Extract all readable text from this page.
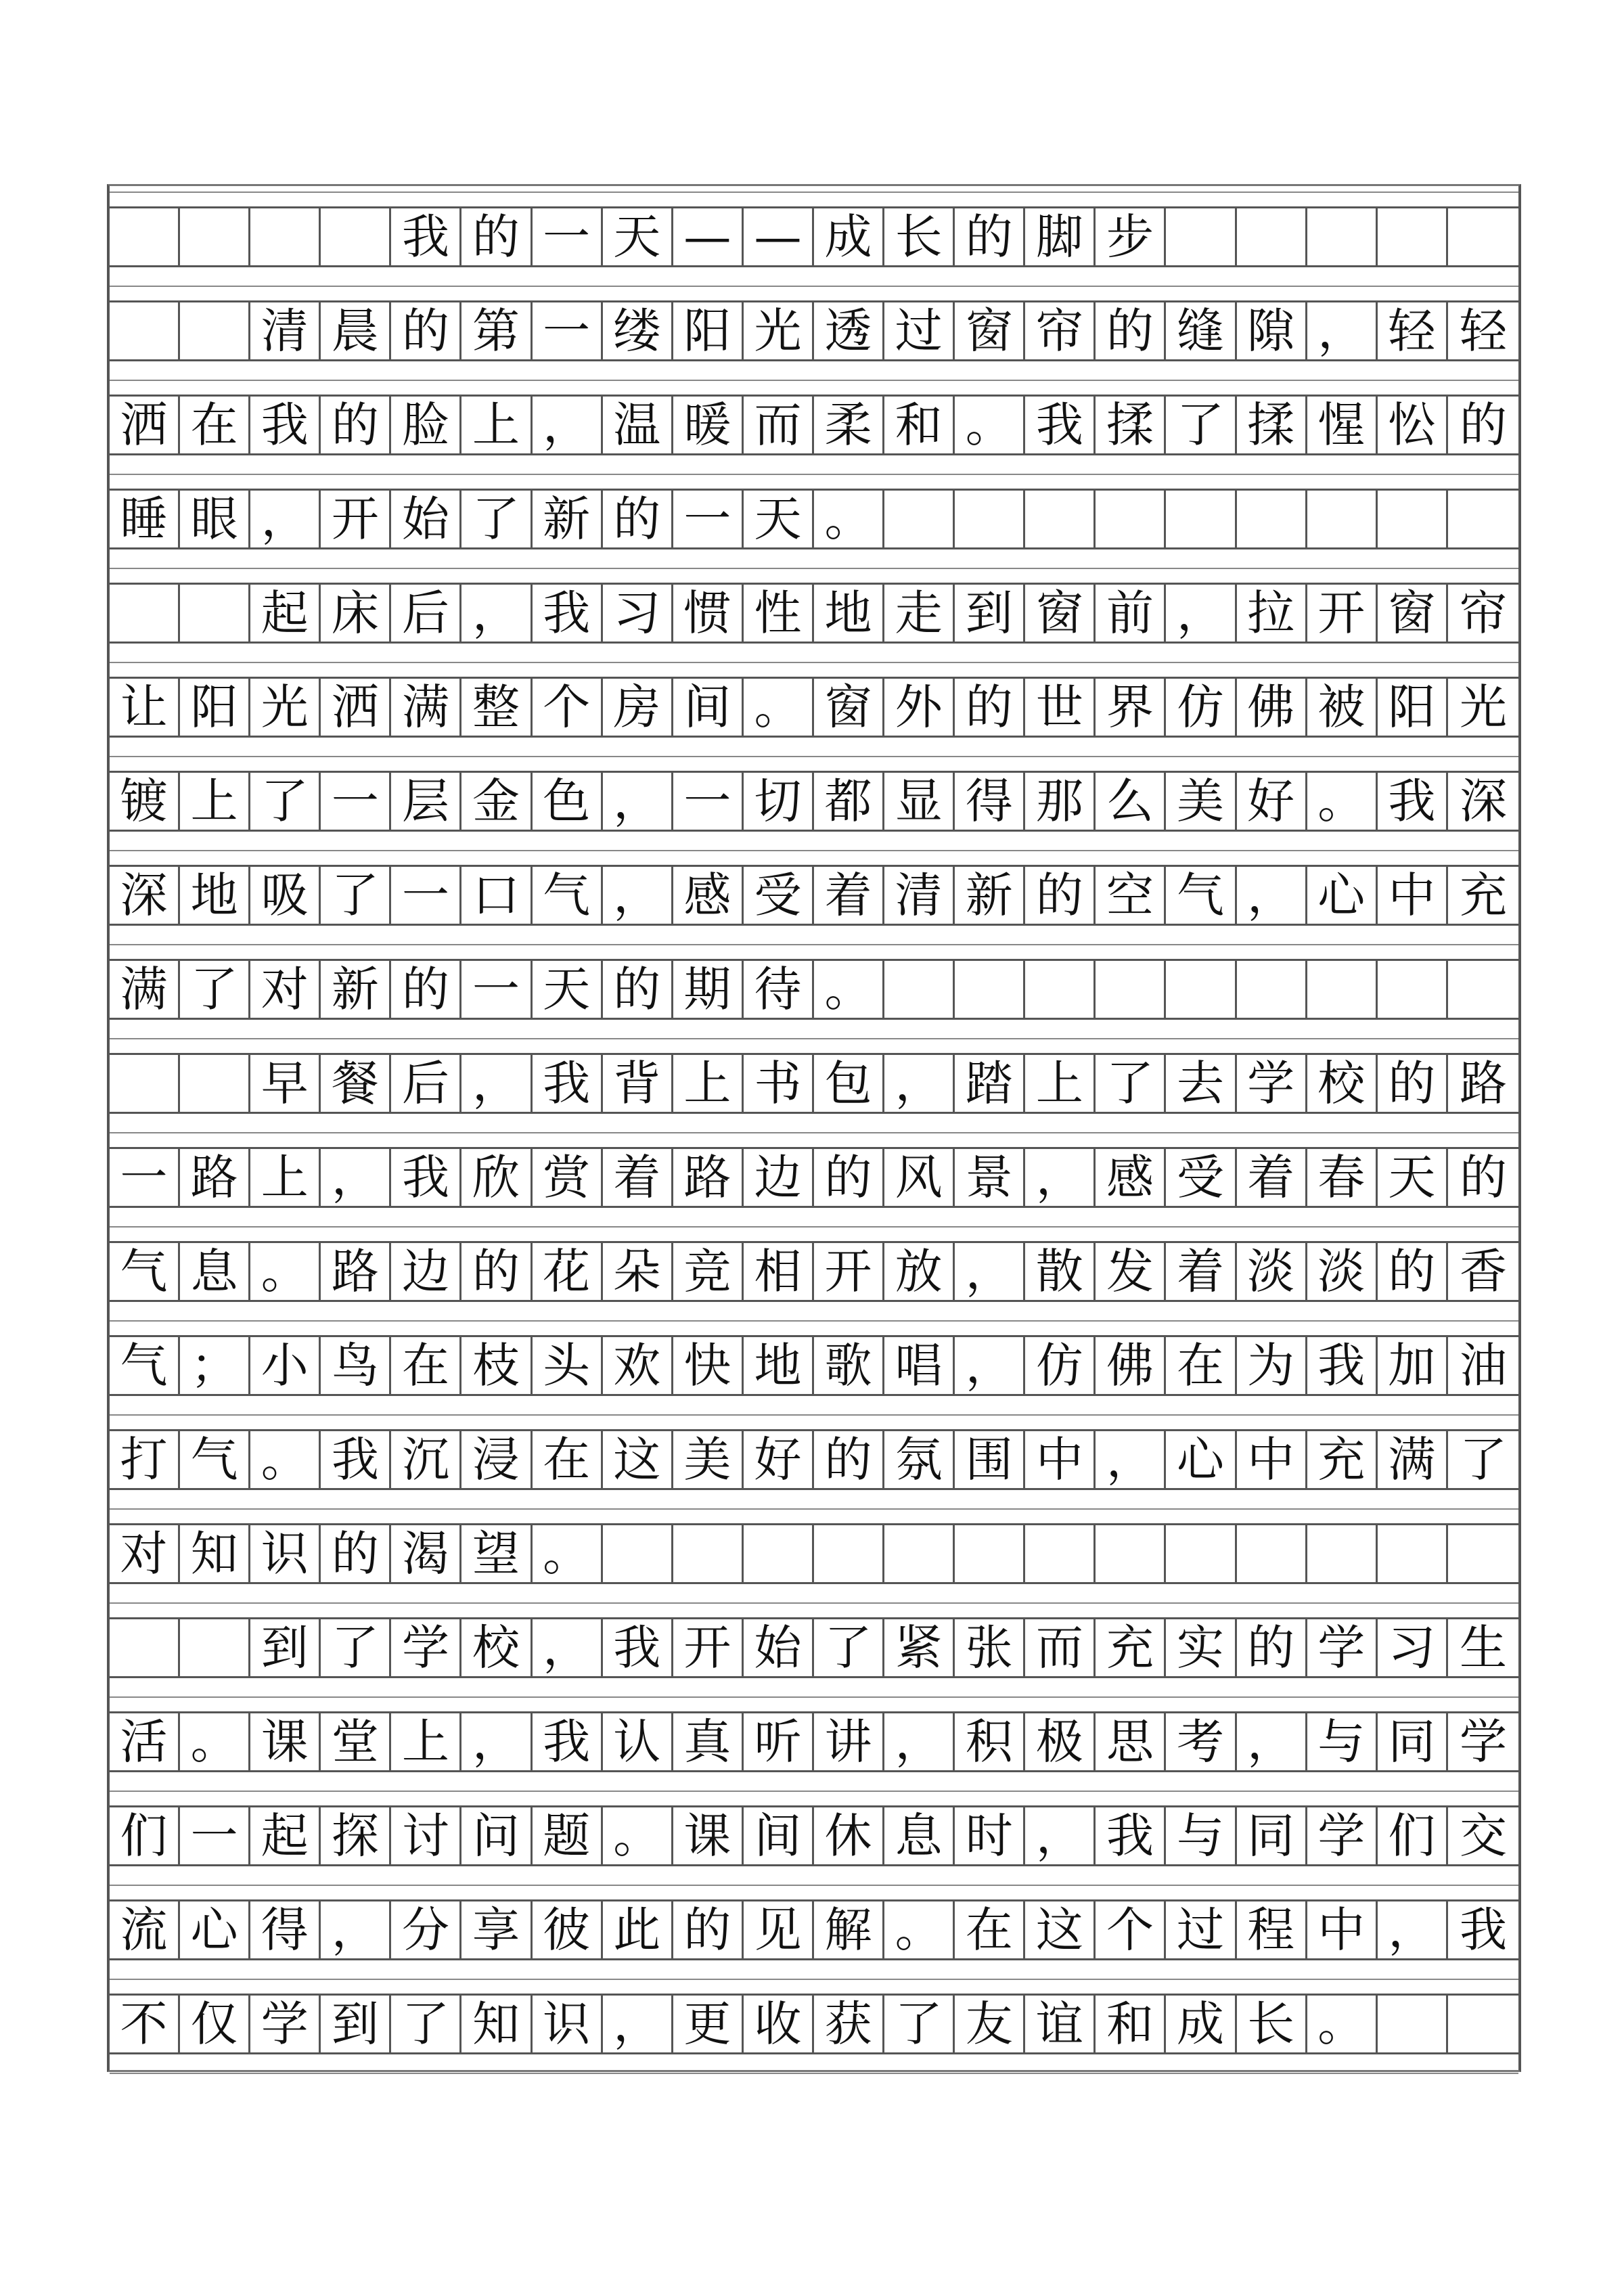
我 的 一 天 — — 成 长 的 脚 步
清 晨 的 第 一 缕 阳 光 透 过 窗 帘 的 缝 隙 ， 轻 轻
洒 在 我 的 脸 上 ， 温 暖 而 柔 和 。 我 揉 了 揉 惺 忪 的
睡 眼 ， 开 始 了 新 的 一 天 。
起 床 后 ， 我 习 惯 性 地 走 到 窗 前 ， 拉 开 窗 帘
让 阳 光 洒 满 整 个 房 间 。 窗 外 的 世 界 仿 佛 被 阳 光
镀 上 了 一 层 金 色 ， 一 切 都 显 得 那 么 美 好 。 我 深
深 地 吸 了 一 口 气 ， 感 受 着 清 新 的 空 气 ， 心 中 充
满 了 对 新 的 一 天 的 期 待 。
早 餐 后 ， 我 背 上 书 包 ， 踏 上 了 去 学 校 的 路
一 路 上 ， 我 欣 赏 着 路 边 的 风 景 ， 感 受 着 春 天 的
气 息 。 路 边 的 花 朵 竞 相 开 放 ， 散 发 着 淡 淡 的 香
气 ； 小 鸟 在 枝 头 欢 快 地 歌 唱 ， 仿 佛 在 为 我 加 油
打 气 。 我 沉 浸 在 这 美 好 的 氛 围 中 ， 心 中 充 满 了
对 知 识 的 渴 望 。
到 了 学 校 ， 我 开 始 了 紧 张 而 充 实 的 学 习 生
活 。 课 堂 上 ， 我 认 真 听 讲 ， 积 极 思 考 ， 与 同 学
们 一 起 探 讨 问 题 。 课 间 休 息 时 ， 我 与 同 学 们 交
流 心 得 ， 分 享 彼 此 的 见 解 。 在 这 个 过 程 中 ， 我
不 仅 学 到 了 知 识 ， 更 收 获 了 友 谊 和 成 长 。
